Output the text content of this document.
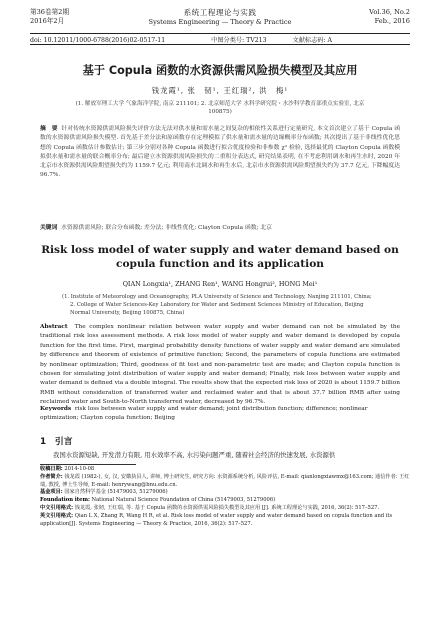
第36卷第2期
2016年2月
系统工程理论与实践
Systems Engineering — Theory & Practice
Vol.36, No.2
Feb., 2016
doi: 10.12011/1000-6788(2016)02-0517-11	中图分类号: TV213	文献标志码: A
基于 Copula 函数的水资源供需风险损失模型及其应用
钱龙霞¹, 张　韧¹, 王红瑞², 洪　梅¹
(1. 解放军理工大学 气象海洋学院, 南京 211101; 2. 北京师范大学 水科学研究院・水沙科学教育部重点实验室, 北京
100875)
摘　要 针对传统水资源供需风险损失评价方法无法对供水量和需水量之间复杂的相依性关系进行定量研究, 本文首次建立了基于 Copula 函数的水资源供需风险损失模型. 首先基于差分法和原函数存在定理模拟了供水量和需水量的边缘概率分布函数; 其次提出了基于非线性优化思想的 Copula 函数估计参数估计; 第三步分别对各种 Copula 函数进行拟合优度检验和非参数 χ² 检验, 选择最优的 Clayton Copula 函数模拟供水量和需水量的联合概率分布; 最后建立水资源供需风险损失的二重积分表达式, 研究结果表明, 在不考虑利用调水和再生水时, 2020 年北京市水资源供需风险期望损失约为 1159.7 亿元; 利用南水北调水和再生水后, 北京市水资源供需风险期望损失约为 37.7 亿元, 下降幅度达 96.7%.
关键词 水资源供需风险; 联合分布函数; 差分法; 非线性优化; Clayton Copula 函数; 北京
Risk loss model of water supply and water demand based on
copula function and its application
QIAN Longxia¹, ZHANG Ren¹, WANG Hongrui², HONG Mei¹
(1. Institute of Meteorology and Oceanography, PLA University of Science and Technology, Nanjing 211101, China;
2. College of Water Sciences-Key Laboratory for Water and Sediment Sciences Ministry of Education, Beijing
Normal University, Beijing 100875, China)
Abstract The complex nonlinear relation between water supply and water demand can not be simulated by the traditional risk loss assessment methods. A risk loss model of water supply and water demand is developed by copula function for the first time. First, marginal probability density functions of water supply and water demand are simulated by difference and theorem of existence of primitive function; Second, the parameters of copula functions are estimated by nonlinear optimization; Third, goodness of fit test and non-parametric test are made; and Clayton copula function is chosen for simulating joint distribution of water supply and water demand; Finally, risk loss between water supply and water demand is defined via a double integral. The results show that the expected risk loss of 2020 is about 1159.7 billion RMB without consideration of transferred water and reclaimed water and that is about 37.7 billion RMB after using reclaimed water and South-to-North transferred water, decreased by 96.7%.
Keywords risk loss between water supply and water demand; joint distribution function; difference; nonlinear optimization; Clayton copula function; Beijing
1　引言
我国水资源短缺, 开发潜力有限, 用水效率不高, 水污染问题严重, 随着社会经济的快速发展, 水资源供
收稿日期: 2014-10-08
作者简介: 钱龙霞 (1982-), 女, 汉, 安徽执县人, 讲师, 博士研究生, 研究方向: 水资源系统分析, 风险评估, E-mail: qianlongxiawmx@163.com; 通信作者: 王红瑞, 教授, 博士生导师, E-mail: henrywang@bnu.edu.cn.
基金项目: 国家自然科学基金 (51479003, 51279006)
Foundation item: National Natural Science Foundation of China (51479003, 51279006)
中文引用格式: 钱龙霞, 张韧, 王红瑞, 等. 基于 Copula 函数的水资源供需风险损失模型及其应用 [J]. 系统工程理论与实践, 2016, 36(2): 517–527.
英文引用格式: Qian L X, Zhang R, Wang H R, et al. Risk loss model of water supply and water demand based on copula function and its application[J]. Systems Engineering — Theory & Practice, 2016, 36(2): 517–527.
